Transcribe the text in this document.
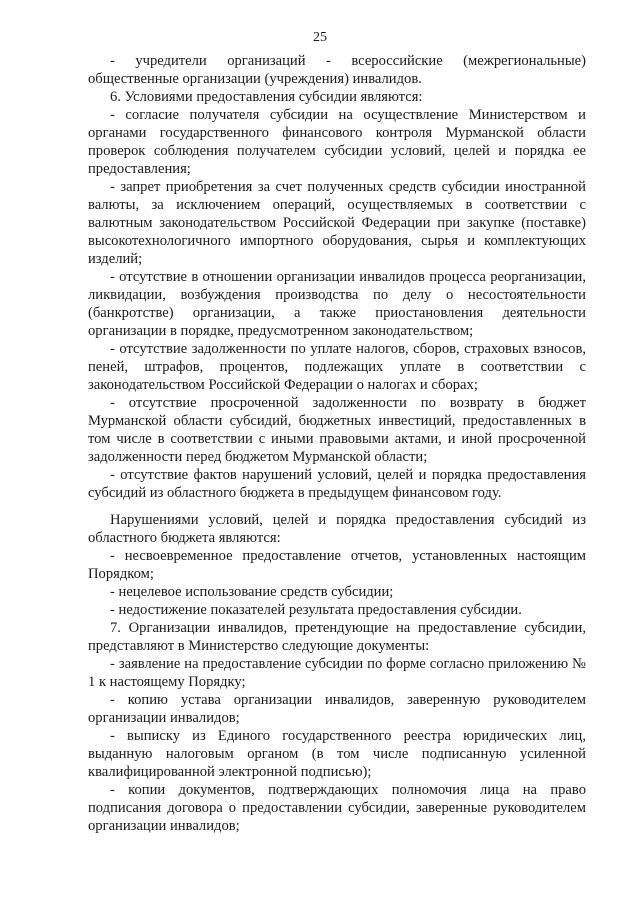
25

- учредители организаций - всероссийские (межрегиональные) общественные организации (учреждения) инвалидов.

6. Условиями предоставления субсидии являются:

- согласие получателя субсидии на осуществление Министерством и органами государственного финансового контроля Мурманской области проверок соблюдения получателем субсидии условий, целей и порядка ее предоставления;

- запрет приобретения за счет полученных средств субсидии иностранной валюты, за исключением операций, осуществляемых в соответствии с валютным законодательством Российской Федерации при закупке (поставке) высокотехнологичного импортного оборудования, сырья и комплектующих изделий;

- отсутствие в отношении организации инвалидов процесса реорганизации, ликвидации, возбуждения производства по делу о несостоятельности (банкротстве) организации, а также приостановления деятельности организации в порядке, предусмотренном законодательством;

- отсутствие задолженности по уплате налогов, сборов, страховых взносов, пеней, штрафов, процентов, подлежащих уплате в соответствии с законодательством Российской Федерации о налогах и сборах;

- отсутствие просроченной задолженности по возврату в бюджет Мурманской области субсидий, бюджетных инвестиций, предоставленных в том числе в соответствии с иными правовыми актами, и иной просроченной задолженности перед бюджетом Мурманской области;

- отсутствие фактов нарушений условий, целей и порядка предоставления субсидий из областного бюджета в предыдущем финансовом году.

Нарушениями условий, целей и порядка предоставления субсидий из областного бюджета являются:

- несвоевременное предоставление отчетов, установленных настоящим Порядком;

- нецелевое использование средств субсидии;

- недостижение показателей результата предоставления субсидии.

7. Организации инвалидов, претендующие на предоставление субсидии, представляют в Министерство следующие документы:

- заявление на предоставление субсидии по форме согласно приложению № 1 к настоящему Порядку;

- копию устава организации инвалидов, заверенную руководителем организации инвалидов;

- выписку из Единого государственного реестра юридических лиц, выданную налоговым органом (в том числе подписанную усиленной квалифицированной электронной подписью);

- копии документов, подтверждающих полномочия лица на право подписания договора о предоставлении субсидии, заверенные руководителем организации инвалидов;
